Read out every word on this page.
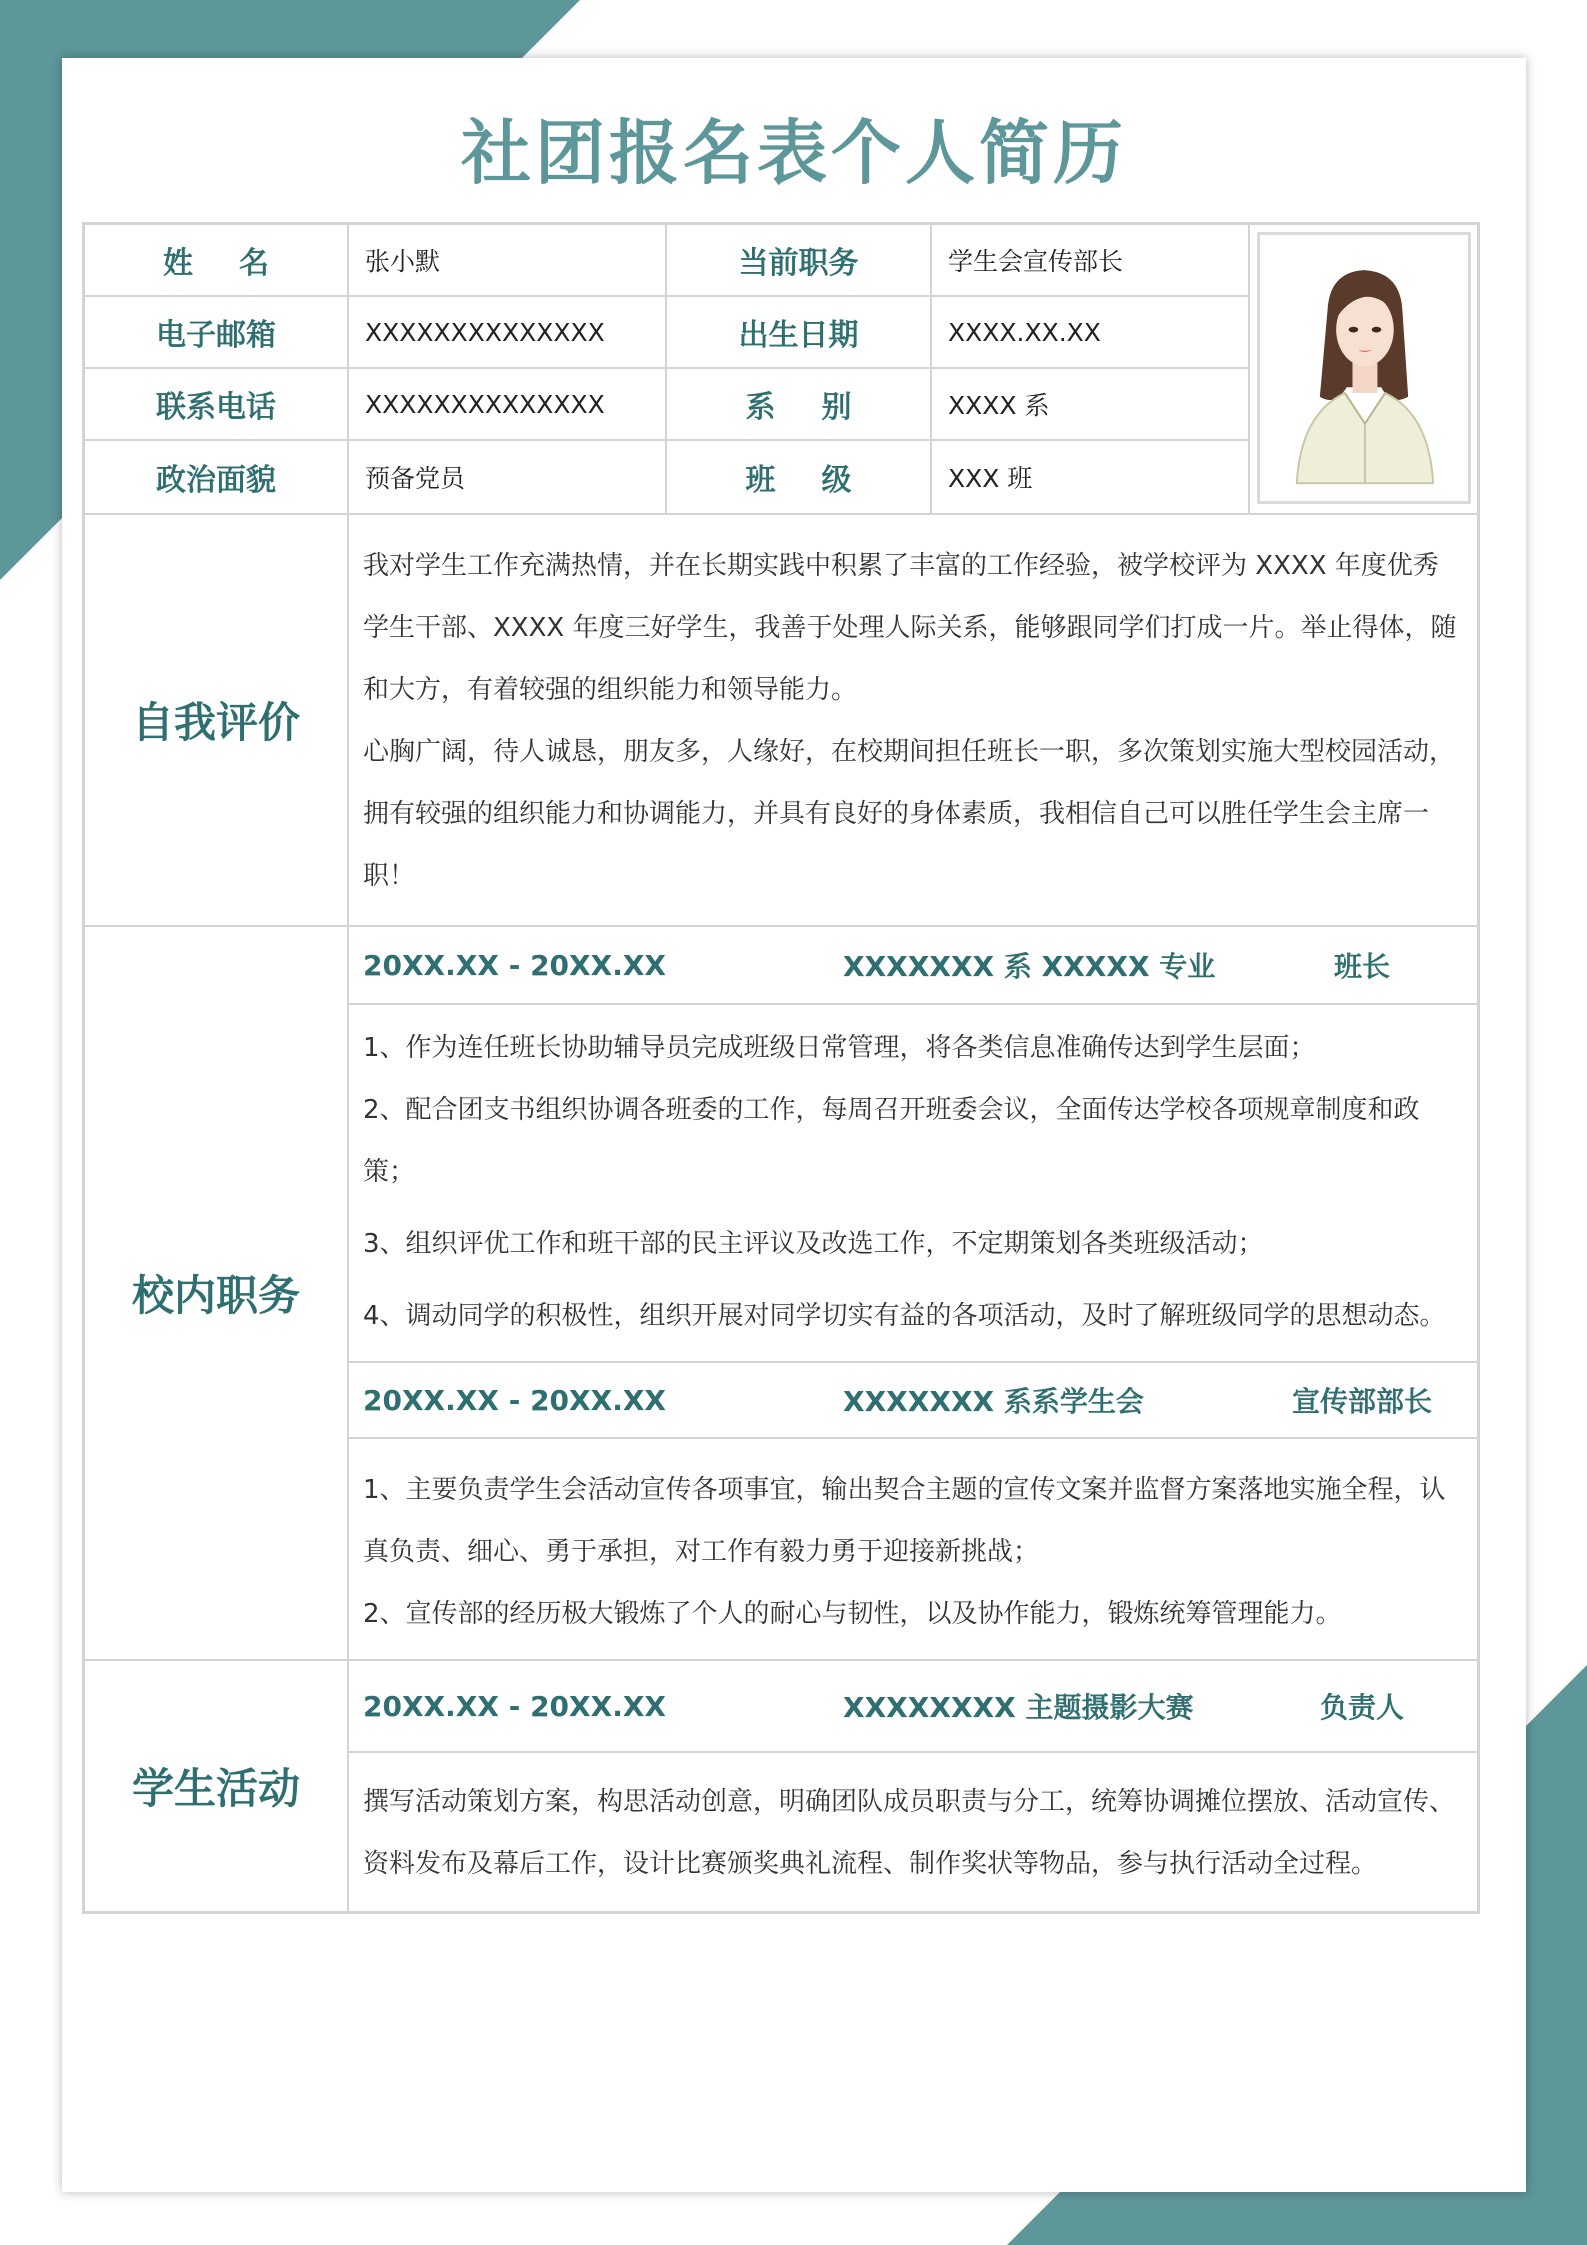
社团报名表个人简历
姓名	张小默	当前职务	学生会宣传部长
电子邮箱	XXXXXXXXXXXXXX	出生日期	XXXX.XX.XX
联系电话	XXXXXXXXXXXXXX	系别	XXXX 系
政治面貌	预备党员	班级	XXX 班
自我评价

我对学生工作充满热情，并在长期实践中积累了丰富的工作经验，被学校评为 XXXX 年度优秀学生干部、XXXX 年度三好学生，我善于处理人际关系，能够跟同学们打成一片。举止得体，随和大方，有着较强的组织能力和领导能力。

心胸广阔，待人诚恳，朋友多，人缘好，在校期间担任班长一职，多次策划实施大型校园活动，拥有较强的组织能力和协调能力，并具有良好的身体素质，我相信自己可以胜任学生会主席一职！

校内职务
20XX.XX - 20XX.XX	XXXXXXX 系 XXXXX 专业	班长

1、作为连任班长协助辅导员完成班级日常管理，将各类信息准确传达到学生层面；

2、配合团支书组织协调各班委的工作，每周召开班委会议，全面传达学校各项规章制度和政策；

3、组织评优工作和班干部的民主评议及改选工作，不定期策划各类班级活动；

4、调动同学的积极性，组织开展对同学切实有益的各项活动，及时了解班级同学的思想动态。

20XX.XX - 20XX.XX	XXXXXXX 系系学生会	宣传部部长

1、主要负责学生会活动宣传各项事宜，输出契合主题的宣传文案并监督方案落地实施全程，认真负责、细心、勇于承担，对工作有毅力勇于迎接新挑战；

2、宣传部的经历极大锻炼了个人的耐心与韧性，以及协作能力，锻炼统筹管理能力。

学生活动
20XX.XX - 20XX.XX	XXXXXXXX 主题摄影大赛	负责人

撰写活动策划方案，构思活动创意，明确团队成员职责与分工，统筹协调摊位摆放、活动宣传、资料发布及幕后工作，设计比赛颁奖典礼流程、制作奖状等物品，参与执行活动全过程。
